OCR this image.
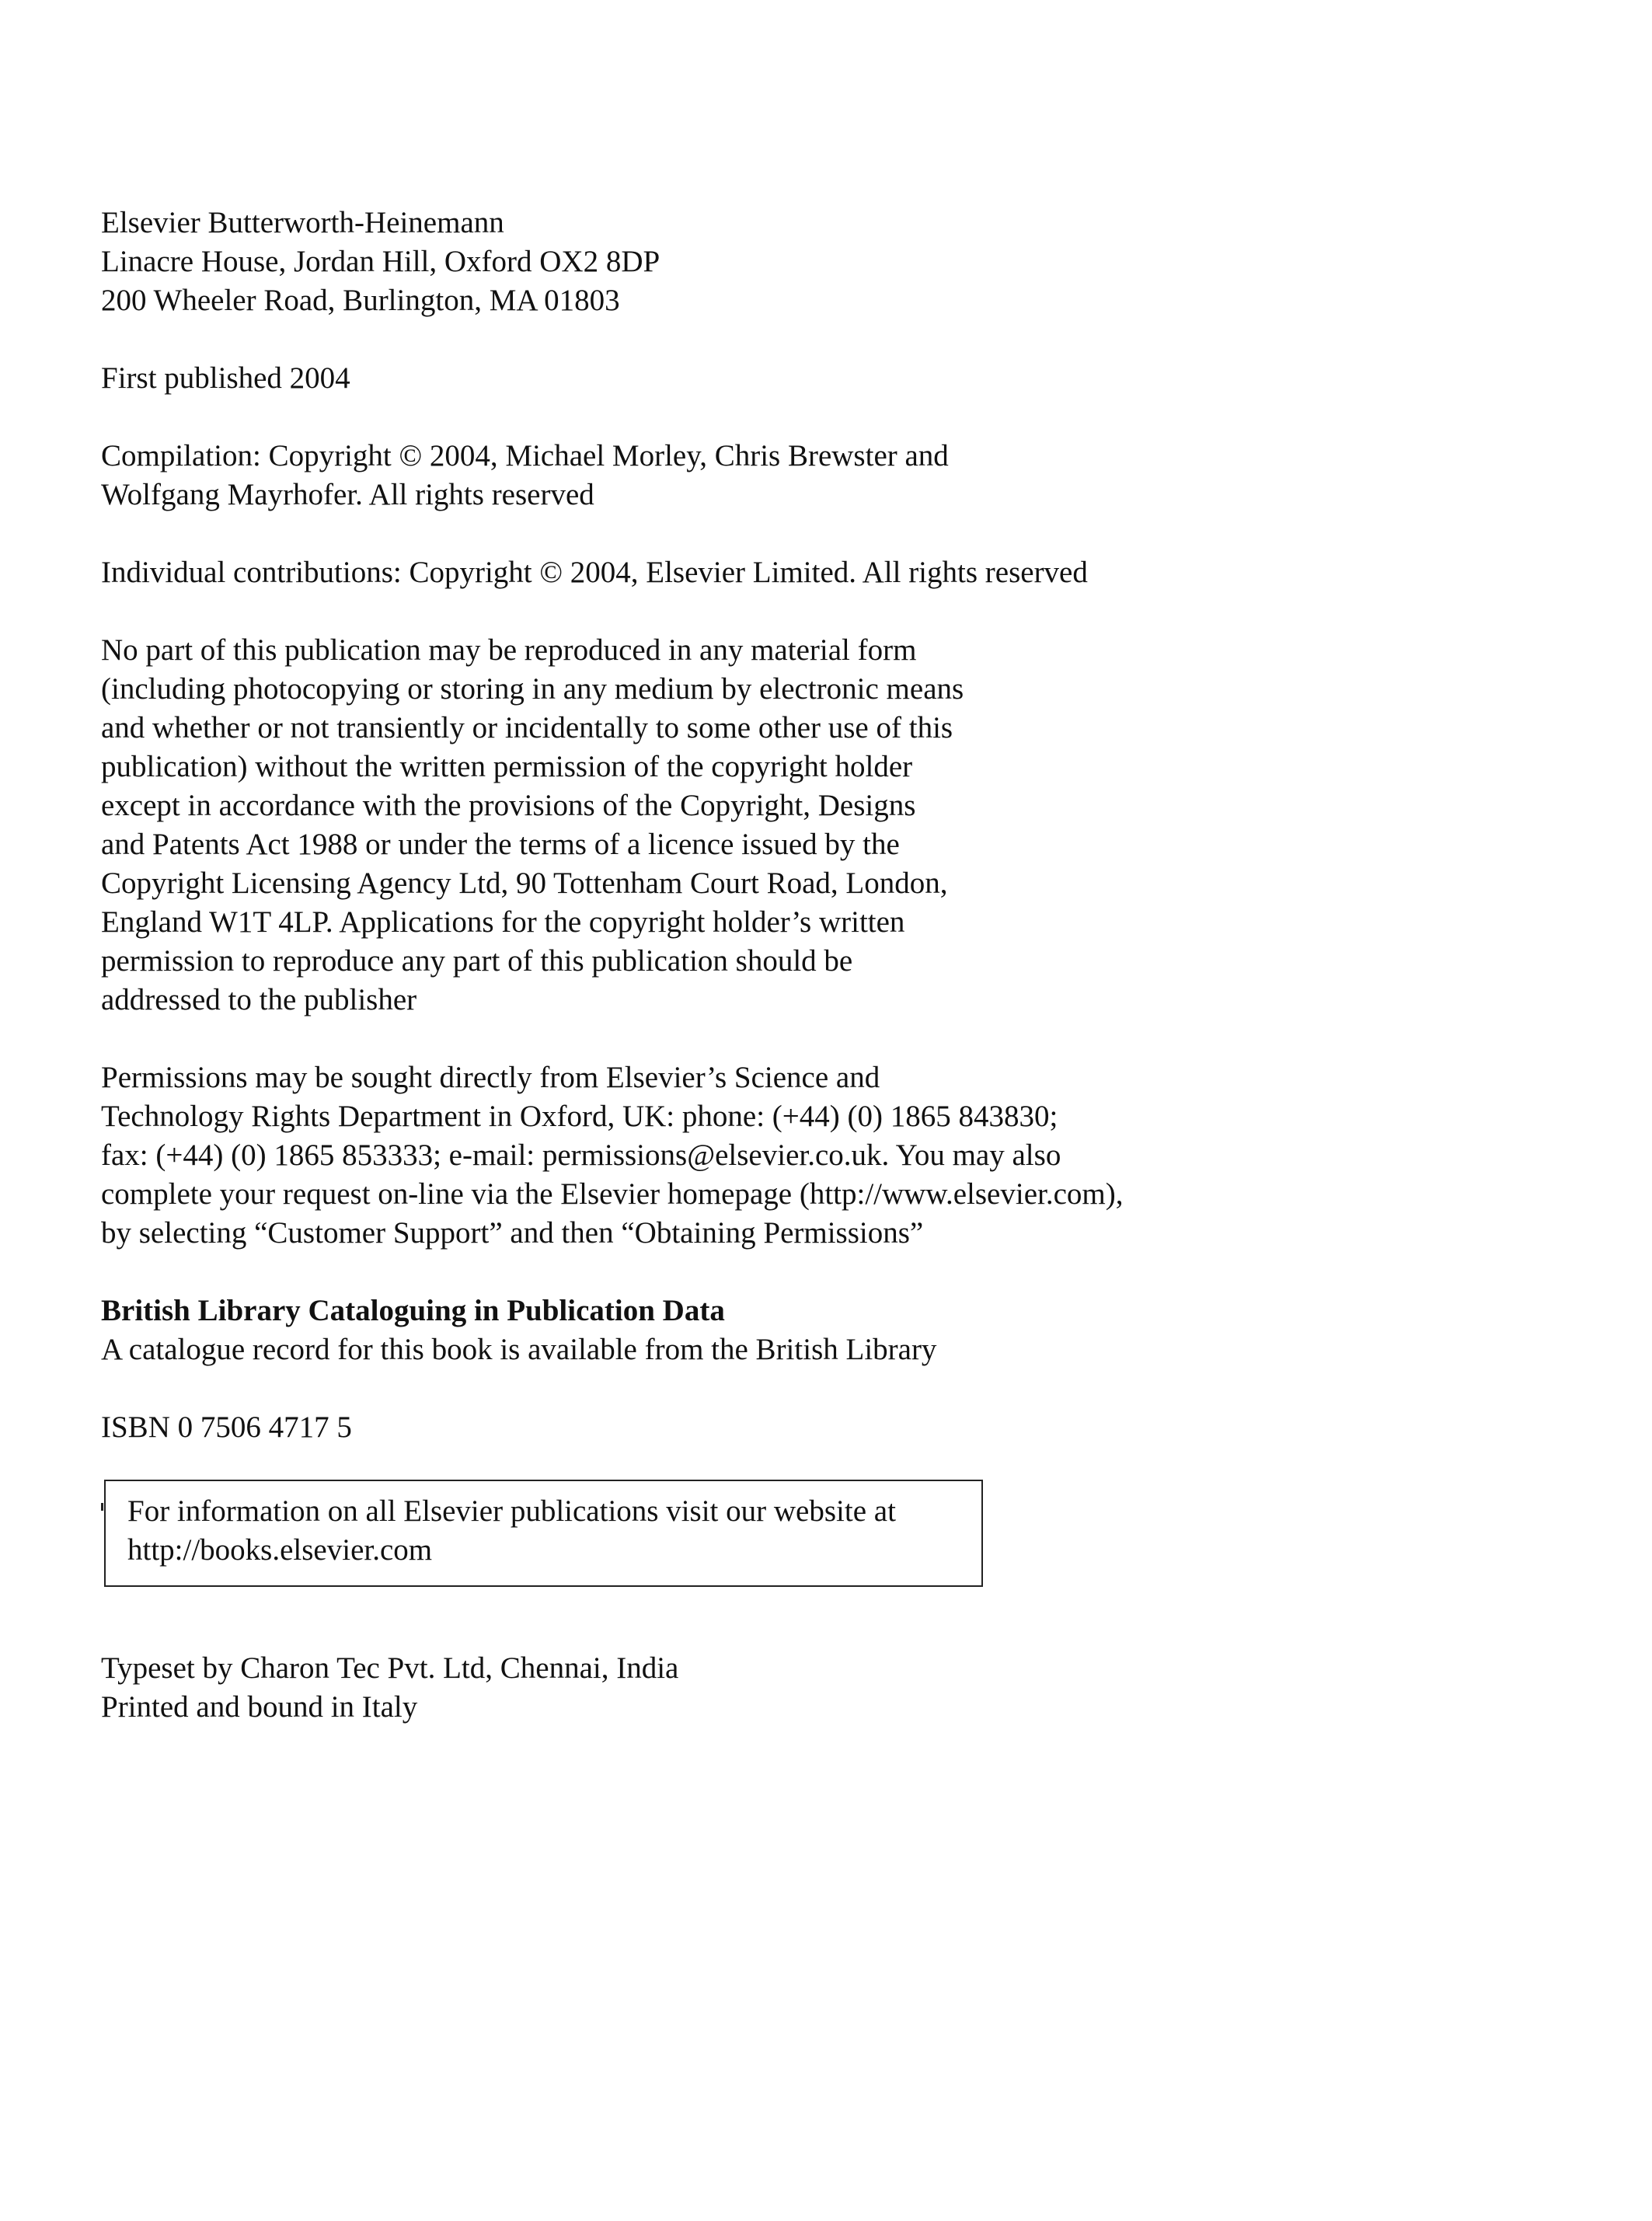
Elsevier Butterworth-Heinemann
Linacre House, Jordan Hill, Oxford OX2 8DP
200 Wheeler Road, Burlington, MA 01803
First published 2004
Compilation: Copyright © 2004, Michael Morley, Chris Brewster and
Wolfgang Mayrhofer. All rights reserved
Individual contributions: Copyright © 2004, Elsevier Limited. All rights reserved
No part of this publication may be reproduced in any material form
(including photocopying or storing in any medium by electronic means
and whether or not transiently or incidentally to some other use of this
publication) without the written permission of the copyright holder
except in accordance with the provisions of the Copyright, Designs
and Patents Act 1988 or under the terms of a licence issued by the
Copyright Licensing Agency Ltd, 90 Tottenham Court Road, London,
England W1T 4LP. Applications for the copyright holder’s written
permission to reproduce any part of this publication should be
addressed to the publisher
Permissions may be sought directly from Elsevier’s Science and
Technology Rights Department in Oxford, UK: phone: (+44) (0) 1865 843830;
fax: (+44) (0) 1865 853333; e-mail: permissions@elsevier.co.uk. You may also
complete your request on-line via the Elsevier homepage (http://www.elsevier.com),
by selecting “Customer Support” and then “Obtaining Permissions”
British Library Cataloguing in Publication Data
A catalogue record for this book is available from the British Library
ISBN 0 7506 4717 5
For information on all Elsevier publications visit our website at
http://books.elsevier.com
Typeset by Charon Tec Pvt. Ltd, Chennai, India
Printed and bound in Italy
